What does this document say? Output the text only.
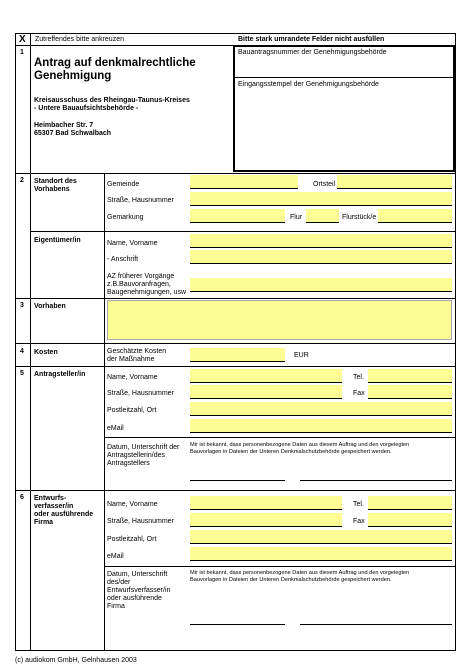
X Zutreffendes bitte ankreuzen	Bitte stark umrandete Felder nicht ausfüllen
1
Antrag auf denkmalrechtliche
Genehmigung
Kreisausschuss des Rheingau-Taunus-Kreises
- Untere Bauaufsichtsbehörde -
Heimbacher Str. 7
65307 Bad Schwalbach
Bauantragsnummer der Genehmigungsbehörde
Eingangsstempel der Genehmigungsbehörde
2 Standort des
Vorhabens
Gemeinde	Ortsteil
Straße, Hausnummer
Gemarkung	Flur	Flurstück/e
Eigentümer/in	Name, Vorname
- Anschrift
AZ früherer Vorgänge
z.B.Bauvoranfragen,
Baugenehmigungen, usw
3 Vorhaben
4 Kosten	Geschätzte Kosten
der Maßnahme
EUR
5 Antragsteller/in	Name, Vorname	Tel.
Straße, Hausnummer	Fax
Postleitzahl, Ort
eMail
Datum, Unterschrift der
Antragstellerin/des
Antragstellers
Mir ist bekannt, dass personenbezogene Daten aus diesem Auftrag und den vorgelegten
Bauvorlagen in Dateien der Unteren Denkmalschutzbehörde gespeichert werden.
6 Entwurfs-
verfasser/in
oder ausführende
Firma
Name, Vorname	Tel.
Straße, Hausnummer	Fax
Postleitzahl, Ort
eMail
Datum, Unterschrift
des/der
Entwurfsverfasser/in
oder ausführende
Firma
Mir ist bekannt, dass personenbezogene Daten aus diesem Auftrag und den vorgelegten
Bauvorlagen in Dateien der Unteren Denkmalschutzbehörde gespeichert werden.
(c) audiokom GmbH, Gelnhausen 2003
